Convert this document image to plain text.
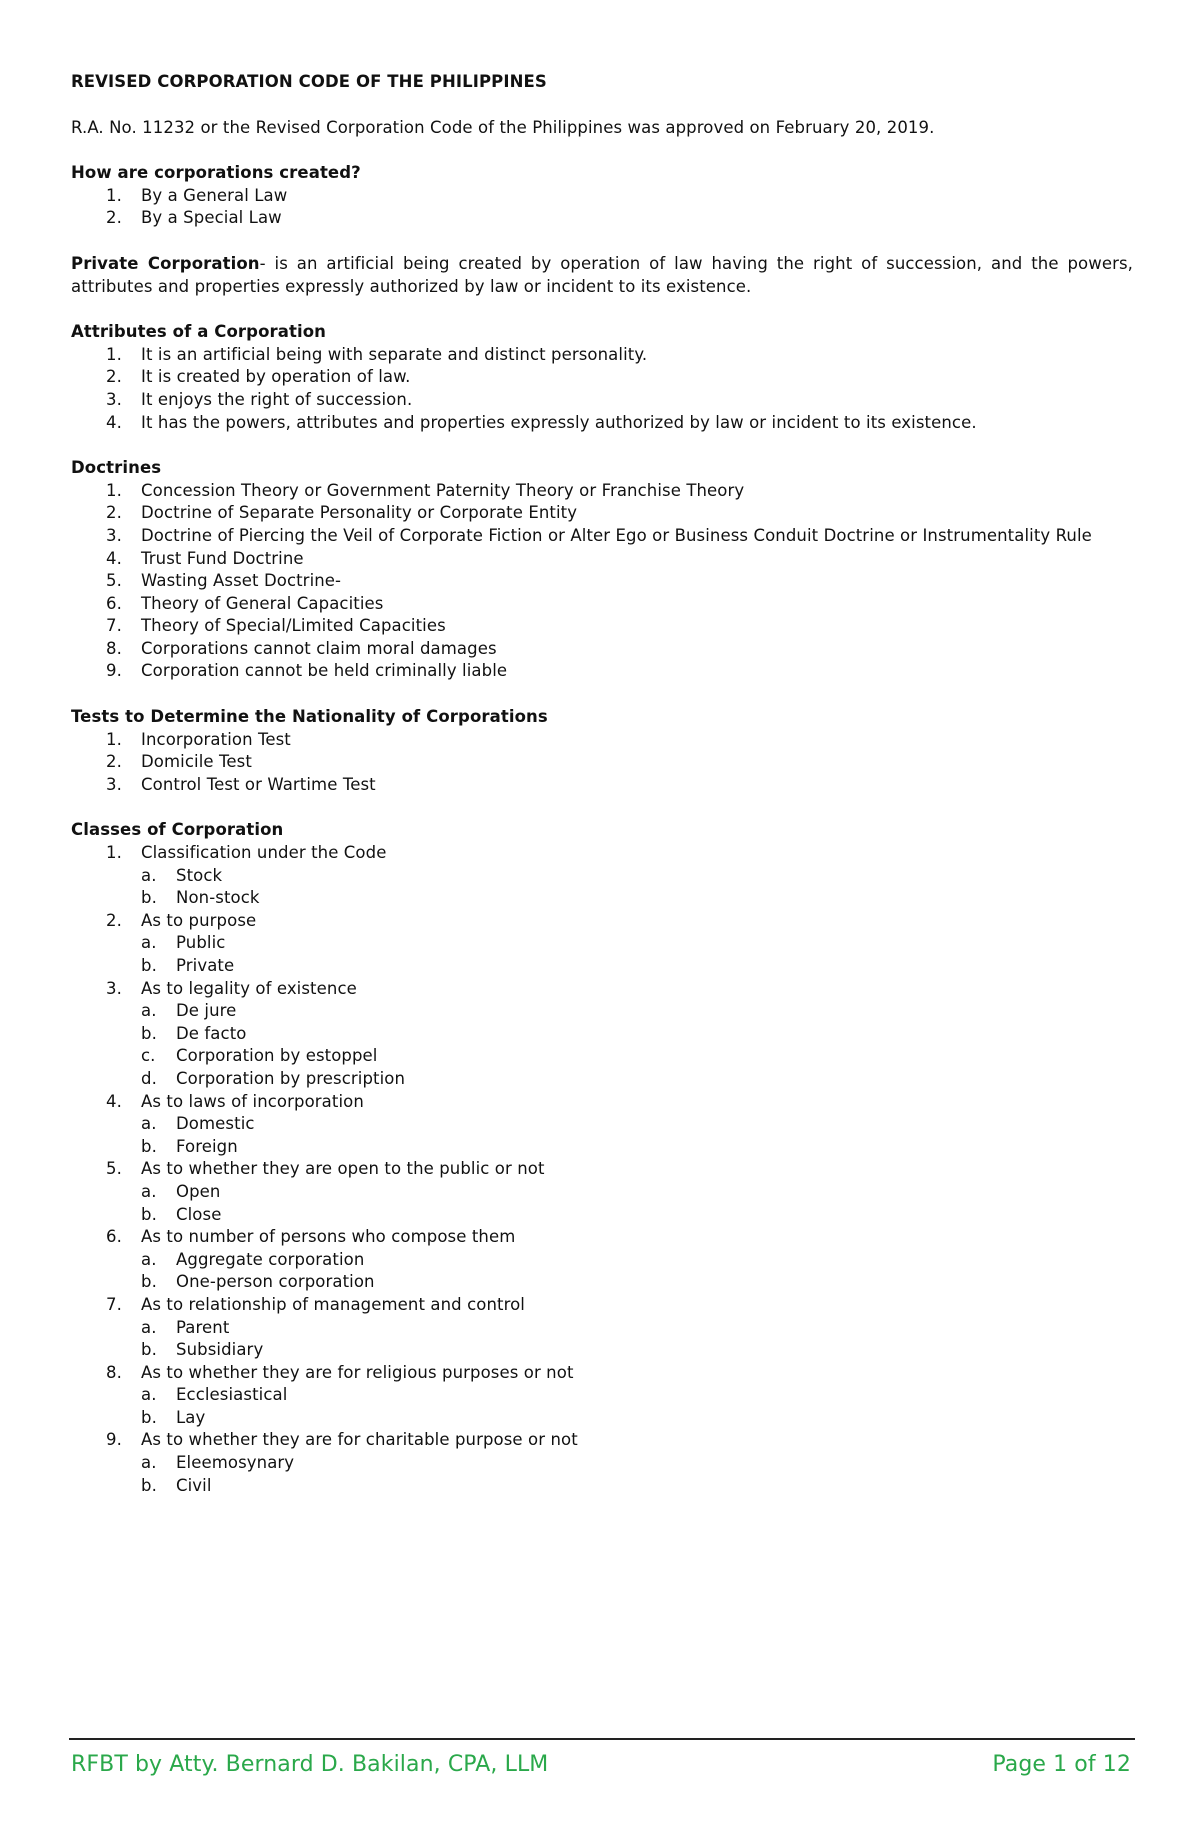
REVISED CORPORATION CODE OF THE PHILIPPINES
R.A. No. 11232 or the Revised Corporation Code of the Philippines was approved on February 20, 2019.
How are corporations created?
1. By a General Law
2. By a Special Law
Private Corporation- is an artificial being created by operation of law having the right of succession, and the powers, attributes and properties expressly authorized by law or incident to its existence.
Attributes of a Corporation
1. It is an artificial being with separate and distinct personality.
2. It is created by operation of law.
3. It enjoys the right of succession.
4. It has the powers, attributes and properties expressly authorized by law or incident to its existence.
Doctrines
1. Concession Theory or Government Paternity Theory or Franchise Theory
2. Doctrine of Separate Personality or Corporate Entity
3. Doctrine of Piercing the Veil of Corporate Fiction or Alter Ego or Business Conduit Doctrine or Instrumentality Rule
4. Trust Fund Doctrine
5. Wasting Asset Doctrine-
6. Theory of General Capacities
7. Theory of Special/Limited Capacities
8. Corporations cannot claim moral damages
9. Corporation cannot be held criminally liable
Tests to Determine the Nationality of Corporations
1. Incorporation Test
2. Domicile Test
3. Control Test or Wartime Test
Classes of Corporation
1. Classification under the Code
a. Stock
b. Non-stock
2. As to purpose
a. Public
b. Private
3. As to legality of existence
a. De jure
b. De facto
c. Corporation by estoppel
d. Corporation by prescription
4. As to laws of incorporation
a. Domestic
b. Foreign
5. As to whether they are open to the public or not
a. Open
b. Close
6. As to number of persons who compose them
a. Aggregate corporation
b. One-person corporation
7. As to relationship of management and control
a. Parent
b. Subsidiary
8. As to whether they are for religious purposes or not
a. Ecclesiastical
b. Lay
9. As to whether they are for charitable purpose or not
a. Eleemosynary
b. Civil
RFBT by Atty. Bernard D. Bakilan, CPA, LLM	Page 1 of 12
